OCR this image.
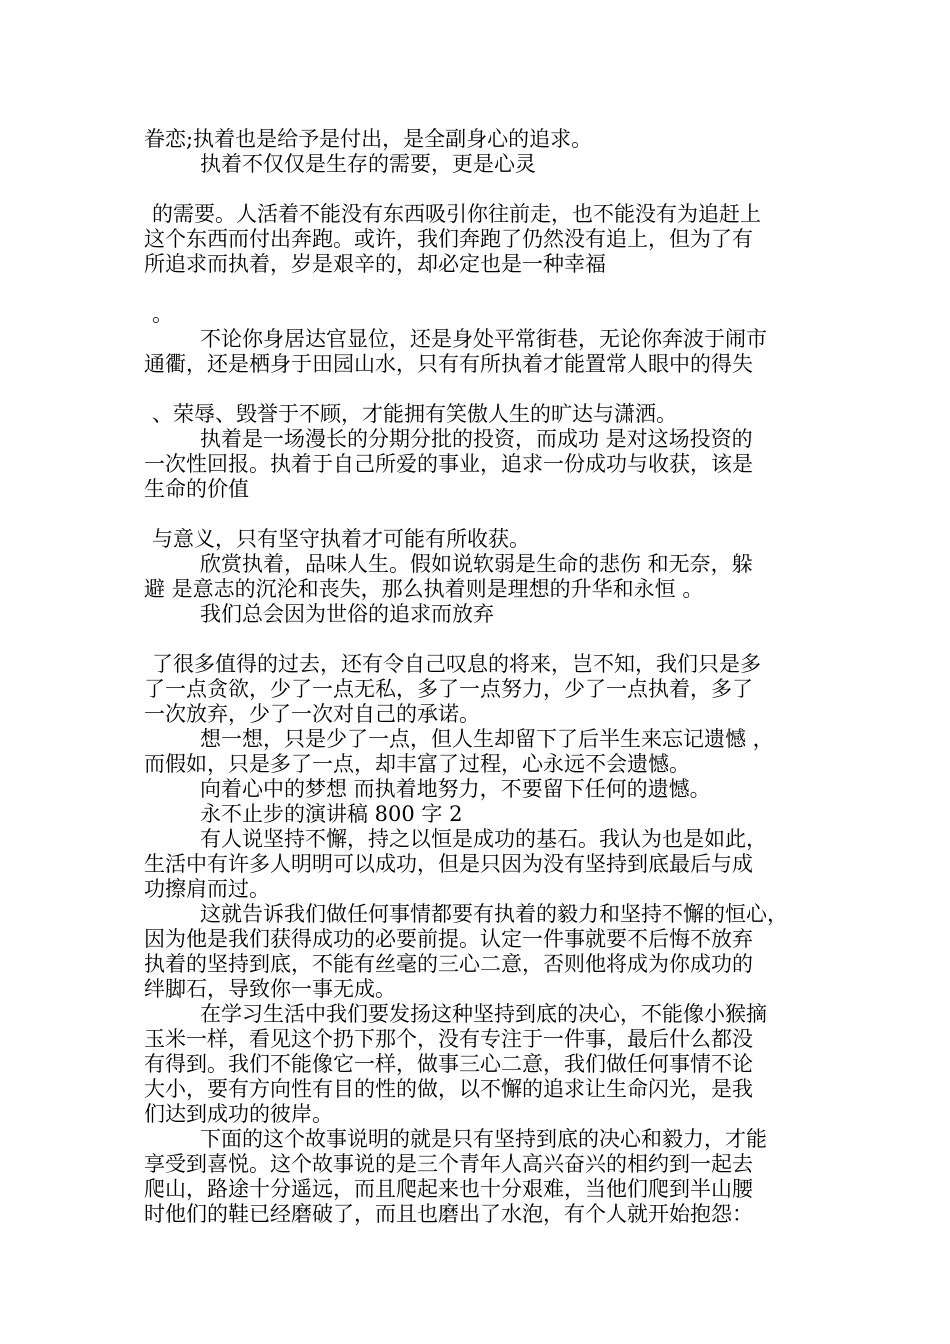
眷恋;执着也是给予是付出，是全副身心的追求。
执着不仅仅是生存的需要，更是心灵
的需要。人活着不能没有东西吸引你往前走，也不能没有为追赶上
这个东西而付出奔跑。或许，我们奔跑了仍然没有追上，但为了有
所追求而执着，岁是艰辛的，却必定也是一种幸福
。
不论你身居达官显位，还是身处平常街巷，无论你奔波于闹市
通衢，还是栖身于田园山水，只有有所执着才能置常人眼中的得失
、荣辱、毁誉于不顾，才能拥有笑傲人生的旷达与潇洒。
执着是一场漫长的分期分批的投资，而成功 是对这场投资的
一次性回报。执着于自己所爱的事业，追求一份成功与收获，该是
生命的价值
与意义，只有坚守执着才可能有所收获。
欣赏执着，品味人生。假如说软弱是生命的悲伤 和无奈，躲
避 是意志的沉沦和丧失，那么执着则是理想的升华和永恒 。
我们总会因为世俗的追求而放弃
了很多值得的过去，还有令自己叹息的将来，岂不知，我们只是多
了一点贪欲，少了一点无私，多了一点努力，少了一点执着，多了
一次放弃，少了一次对自己的承诺。
想一想，只是少了一点，但人生却留下了后半生来忘记遗憾 ，
而假如，只是多了一点，却丰富了过程，心永远不会遗憾。
向着心中的梦想 而执着地努力，不要留下任何的遗憾。
永不止步的演讲稿 800 字 2
有人说坚持不懈，持之以恒是成功的基石。我认为也是如此，
生活中有许多人明明可以成功，但是只因为没有坚持到底最后与成
功擦肩而过。
这就告诉我们做任何事情都要有执着的毅力和坚持不懈的恒心，
因为他是我们获得成功的必要前提。认定一件事就要不后悔不放弃
执着的坚持到底，不能有丝毫的三心二意，否则他将成为你成功的
绊脚石，导致你一事无成。
在学习生活中我们要发扬这种坚持到底的决心，不能像小猴摘
玉米一样，看见这个扔下那个，没有专注于一件事，最后什么都没
有得到。我们不能像它一样，做事三心二意，我们做任何事情不论
大小，要有方向性有目的性的做，以不懈的追求让生命闪光，是我
们达到成功的彼岸。
下面的这个故事说明的就是只有坚持到底的决心和毅力，才能
享受到喜悦。这个故事说的是三个青年人高兴奋兴的相约到一起去
爬山，路途十分遥远，而且爬起来也十分艰难，当他们爬到半山腰
时他们的鞋已经磨破了，而且也磨出了水泡，有个人就开始抱怨：
